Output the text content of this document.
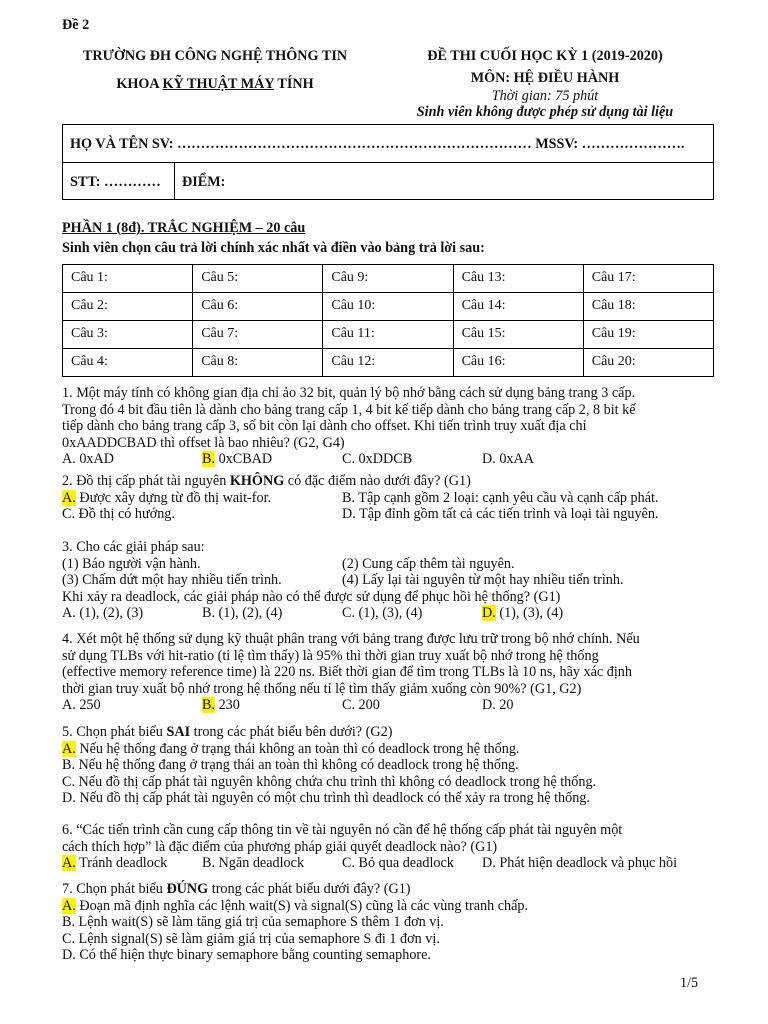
Đề 2
TRƯỜNG ĐH CÔNG NGHỆ THÔNG TIN
KHOA KỸ THUẬT MÁY TÍNH
ĐỀ THI CUỐI HỌC KỲ 1 (2019-2020)
MÔN: HỆ ĐIỀU HÀNH
Thời gian: 75 phút
Sinh viên không được phép sử dụng tài liệu
HỌ VÀ TÊN SV: ………………………………………………………………… MSSV: ………………….
STT: ………… ĐIỂM:
PHẦN 1 (8đ). TRẮC NGHIỆM – 20 câu
Sinh viên chọn câu trả lời chính xác nhất và điền vào bảng trả lời sau:
Câu 1:	Câu 5:	Câu 9:	Câu 13:	Câu 17:
Câu 2:	Câu 6:	Câu 10:	Câu 14:	Câu 18:
Câu 3:	Câu 7:	Câu 11:	Câu 15:	Câu 19:
Câu 4:	Câu 8:	Câu 12:	Câu 16:	Câu 20:

1. Một máy tính có không gian địa chỉ ảo 32 bit, quản lý bộ nhớ bằng cách sử dụng bảng trang 3 cấp.

Trong đó 4 bit đầu tiên là dành cho bảng trang cấp 1, 4 bit kế tiếp dành cho bảng trang cấp 2, 8 bit kế

tiếp dành cho bảng trang cấp 3, số bit còn lại dành cho offset. Khi tiến trình truy xuất địa chỉ

0xAADDCBAD thì offset là bao nhiêu? (G2, G4)

A. 0xAD	B. 0xCBAD	C. 0xDDCB	D. 0xAA

2. Đồ thị cấp phát tài nguyên KHÔNG có đặc điểm nào dưới đây? (G1)

A. Được xây dựng từ đồ thị wait-for.	B. Tập cạnh gồm 2 loại: cạnh yêu cầu và cạnh cấp phát.
C. Đồ thị có hướng.	D. Tập đỉnh gồm tất cả các tiến trình và loại tài nguyên.

3. Cho các giải pháp sau:

(1) Báo người vận hành.	(2) Cung cấp thêm tài nguyên.
(3) Chấm dứt một hay nhiều tiến trình.	(4) Lấy lại tài nguyên từ một hay nhiều tiến trình.

Khi xảy ra deadlock, các giải pháp nào có thể được sử dụng để phục hồi hệ thống? (G1)

A. (1), (2), (3)	B. (1), (2), (4)	C. (1), (3), (4)	D. (1), (3), (4)

4. Xét một hệ thống sử dụng kỹ thuật phân trang với bảng trang được lưu trữ trong bộ nhớ chính. Nếu

sử dụng TLBs với hit-ratio (tỉ lệ tìm thấy) là 95% thì thời gian truy xuất bộ nhớ trong hệ thống

(effective memory reference time) là 220 ns. Biết thời gian để tìm trong TLBs là 10 ns, hãy xác định

thời gian truy xuất bộ nhớ trong hệ thống nếu tỉ lệ tìm thấy giảm xuống còn 90%? (G1, G2)

A. 250	B. 230	C. 200	D. 20

5. Chọn phát biểu SAI trong các phát biểu bên dưới? (G2)

A. Nếu hệ thống đang ở trạng thái không an toàn thì có deadlock trong hệ thống.

B. Nếu hệ thống đang ở trạng thái an toàn thì không có deadlock trong hệ thống.

C. Nếu đồ thị cấp phát tài nguyên không chứa chu trình thì không có deadlock trong hệ thống.

D. Nếu đồ thị cấp phát tài nguyên có một chu trình thì deadlock có thể xảy ra trong hệ thống.

6. “Các tiến trình cần cung cấp thông tin về tài nguyên nó cần để hệ thống cấp phát tài nguyên một

cách thích hợp” là đặc điểm của phương pháp giải quyết deadlock nào? (G1)

A. Tránh deadlock B. Ngăn deadlock	C. Bỏ qua deadlock D. Phát hiện deadlock và phục hồi

7. Chọn phát biểu ĐÚNG trong các phát biểu dưới đây? (G1)

A. Đoạn mã định nghĩa các lệnh wait(S) và signal(S) cũng là các vùng tranh chấp.

B. Lệnh wait(S) sẽ làm tăng giá trị của semaphore S thêm 1 đơn vị.

C. Lệnh signal(S) sẽ làm giảm giá trị của semaphore S đi 1 đơn vị.

D. Có thể hiện thực binary semaphore bằng counting semaphore.

1/5
